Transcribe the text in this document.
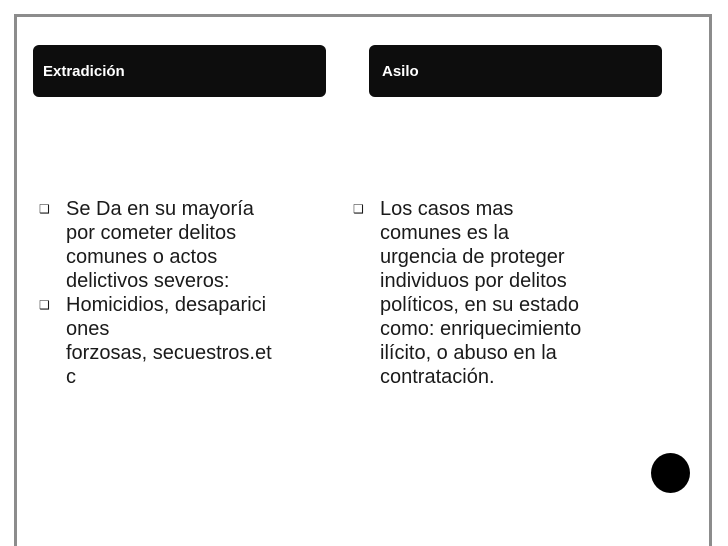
Extradición	Asilo
❑ Se Da en su mayoría
por cometer delitos
comunes o actos
delictivos severos:
❑ Homicidios, desaparici
ones
forzosas, secuestros.et
c
❑ Los casos mas
comunes es la
urgencia de proteger
individuos por delitos
políticos, en su estado
como: enriquecimiento
ilícito, o abuso en la
contratación.
